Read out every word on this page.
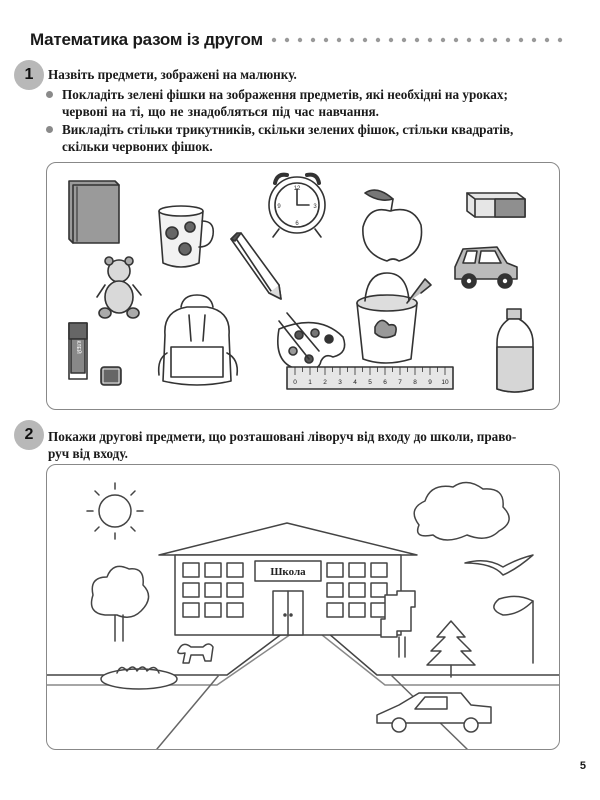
Математика разом із другом
1	Назвіть предмети, зображені на малюнку.
Покладіть зелені фішки на зображення предметів, які необхідні на уроках;
червоні на ті, що не знадобляться під час навчання.
Викладіть стільки трикутників, скільки зелених фішок, стільки квадратів,
скільки червоних фішок.
12
3
6
9
КЛЕЙ
0 1 2 3 4 5 6 7 8 9 10
2	Покажи другові предмети, що розташовані ліворуч від входу до школи, право-
руч від входу.
Школа
5
